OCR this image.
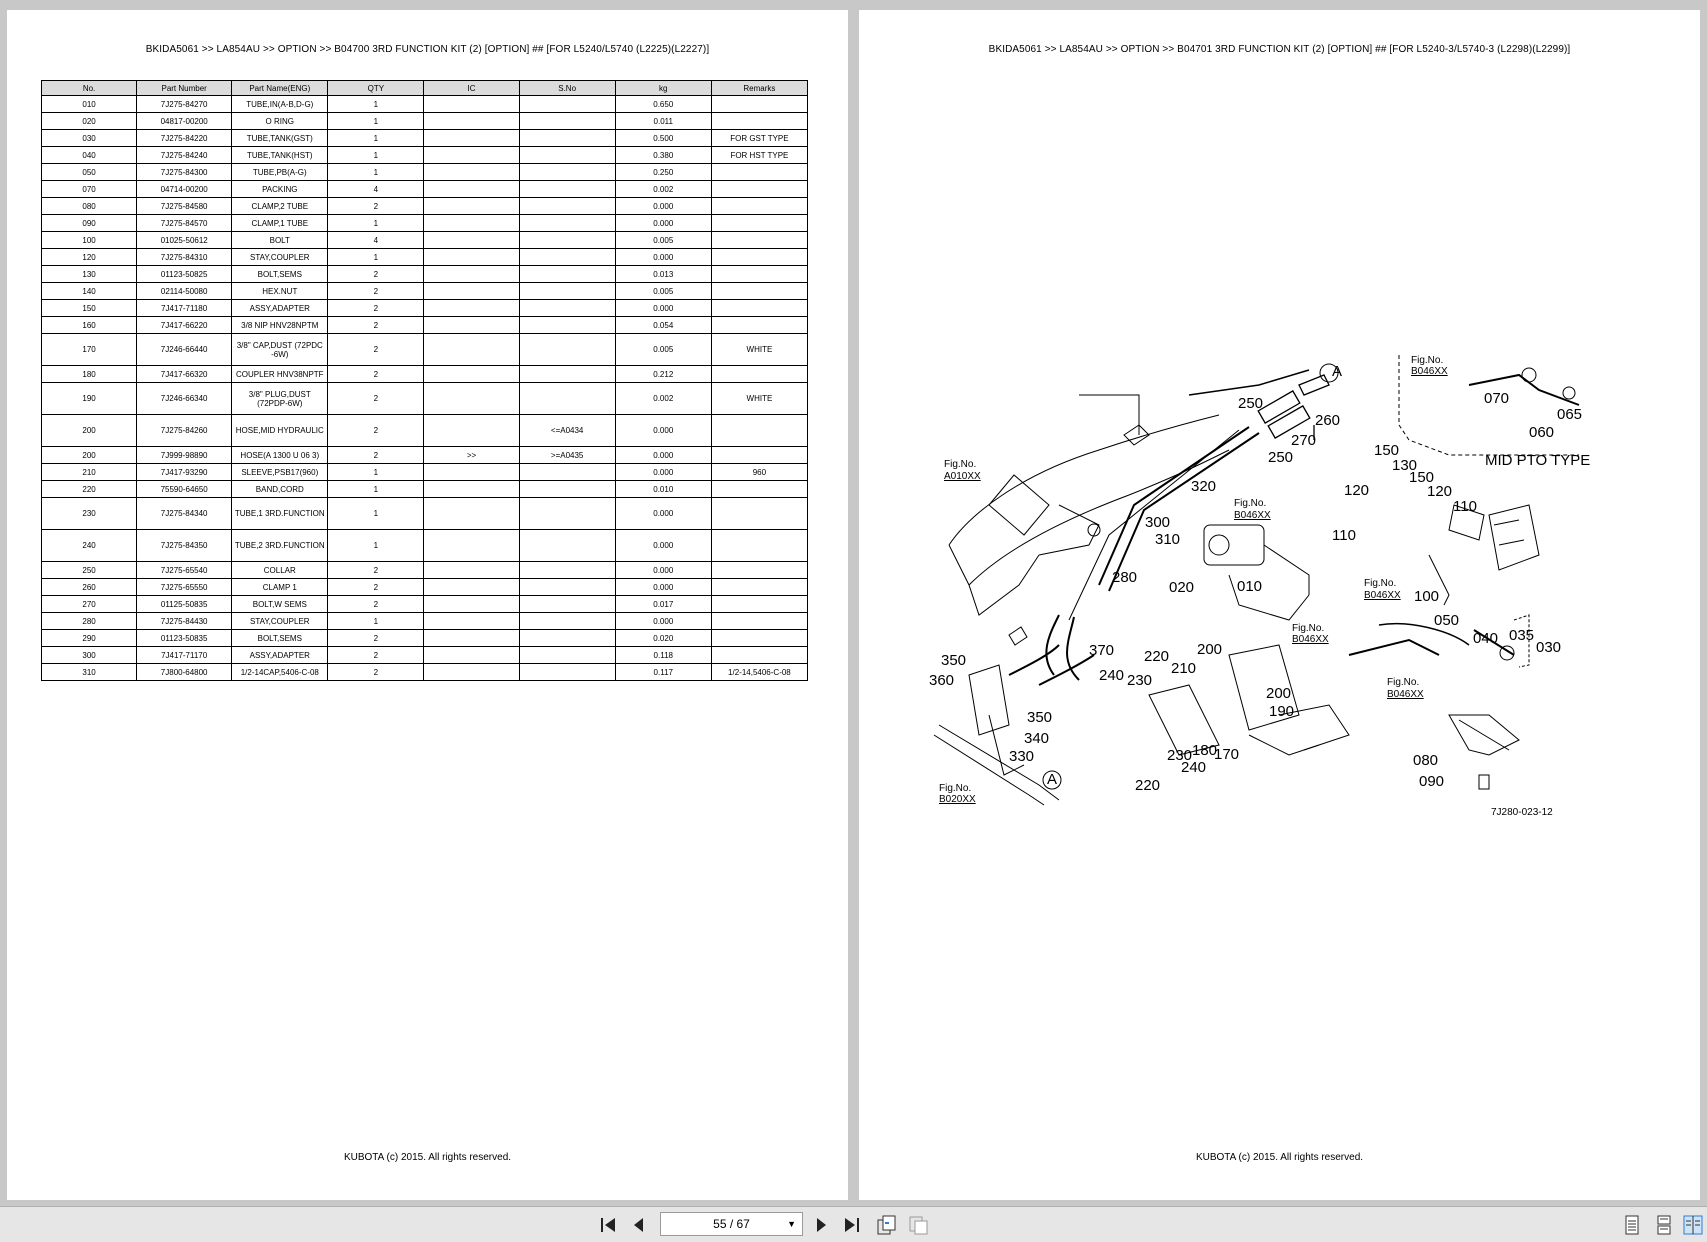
BKIDA5061 >> LA854AU >> OPTION >> B04700 3RD FUNCTION KIT (2) [OPTION] ## [FOR L5240/L5740 (L2225)(L2227)]
No.	Part Number	Part Name(ENG)	QTY	IC	S.No	kg	Remarks
010	7J275-84270	TUBE,IN(A-B,D-G)	1			0.650	
020	04817-00200	O RING	1			0.011	
030	7J275-84220	TUBE,TANK(GST)	1			0.500	FOR GST TYPE
040	7J275-84240	TUBE,TANK(HST)	1			0.380	FOR HST TYPE
050	7J275-84300	TUBE,PB(A-G)	1			0.250	
070	04714-00200	PACKING	4			0.002	
080	7J275-84580	CLAMP,2 TUBE	2			0.000	
090	7J275-84570	CLAMP,1 TUBE	1			0.000	
100	01025-50612	BOLT	4			0.005	
120	7J275-84310	STAY,COUPLER	1			0.000	
130	01123-50825	BOLT,SEMS	2			0.013	
140	02114-50080	HEX.NUT	2			0.005	
150	7J417-71180	ASSY,ADAPTER	2			0.000	
160	7J417-66220	3/8 NIP HNV28NPTM	2			0.054	
170	7J246-66440	3/8" CAP,DUST (72PDC -6W)	2			0.005	WHITE
180	7J417-66320	COUPLER HNV38NPTF	2			0.212	
190	7J246-66340	3/8" PLUG,DUST (72PDP-6W)	2			0.002	WHITE
200	7J275-84260	HOSE,MID HYDRAULIC	2		<=A0434	0.000	
200	7J999-98890	HOSE(A 1300 U 06 3)	2	>>	>=A0435	0.000	
210	7J417-93290	SLEEVE,PSB17(960)	1			0.000	960
220	75590-64650	BAND,CORD	1			0.010	
230	7J275-84340	TUBE,1 3RD.FUNCTION	1			0.000	
240	7J275-84350	TUBE,2 3RD.FUNCTION	1			0.000	
250	7J275-65540	COLLAR	2			0.000	
260	7J275-65550	CLAMP 1	2			0.000	
270	01125-50835	BOLT,W SEMS	2			0.017	
280	7J275-84430	STAY,COUPLER	1			0.000	
290	01123-50835	BOLT,SEMS	2			0.020	
300	7J417-71170	ASSY,ADAPTER	2			0.118	
310	7J800-64800	1/2-14CAP,5406-C-08	2			0.117	1/2-14,5406-C-08
KUBOTA (c) 2015. All rights reserved.
BKIDA5061 >> LA854AU >> OPTION >> B04701 3RD FUNCTION KIT (2) [OPTION] ## [FOR L5240-3/L5740-3 (L2298)(L2299)]
Fig.No.
B046XX
070
065
060
MID PTO TYPE
250
260
270
250
A
A
Fig.No.
A010XX
320
300
310
Fig.No.
B046XX
280
020	010
150
130
150
120	120
110
110
Fig.No.
B046XX 100
Fig.No.
B046XX
050
040 035
030
Fig.No.
B046XX
370 220 200
210
240 230
200
190
350
360
350
340
330	230 180
170
240
220
Fig.No.
B020XX
080
090
7J280-023-12
KUBOTA (c) 2015. All rights reserved.
55 / 67	▼
